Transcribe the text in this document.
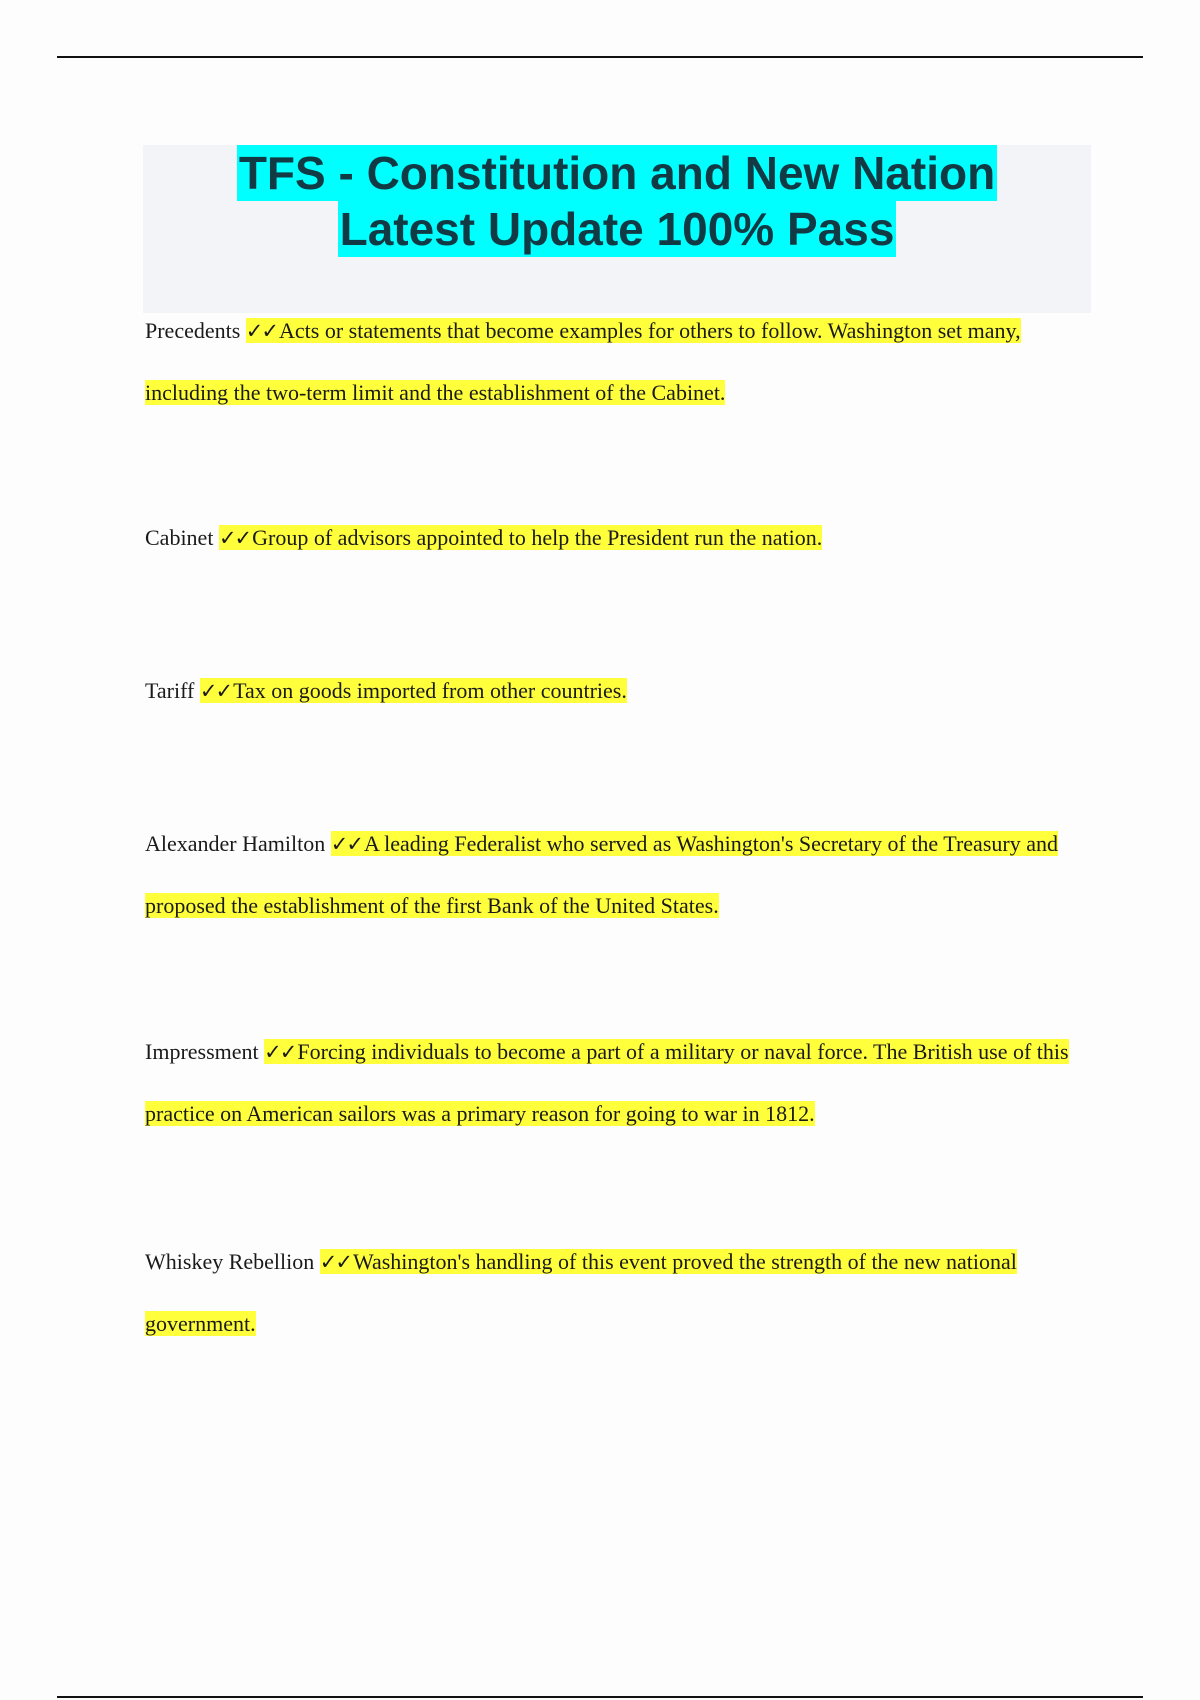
TFS - Constitution and New Nation
Latest Update 100% Pass
Precedents ✓✓Acts or statements that become examples for others to follow. Washington set many, including the two-term limit and the establishment of the Cabinet.
Cabinet ✓✓Group of advisors appointed to help the President run the nation.
Tariff ✓✓Tax on goods imported from other countries.
Alexander Hamilton ✓✓A leading Federalist who served as Washington's Secretary of the Treasury and proposed the establishment of the first Bank of the United States.
Impressment ✓✓Forcing individuals to become a part of a military or naval force. The British use of this practice on American sailors was a primary reason for going to war in 1812.
Whiskey Rebellion ✓✓Washington's handling of this event proved the strength of the new national government.
